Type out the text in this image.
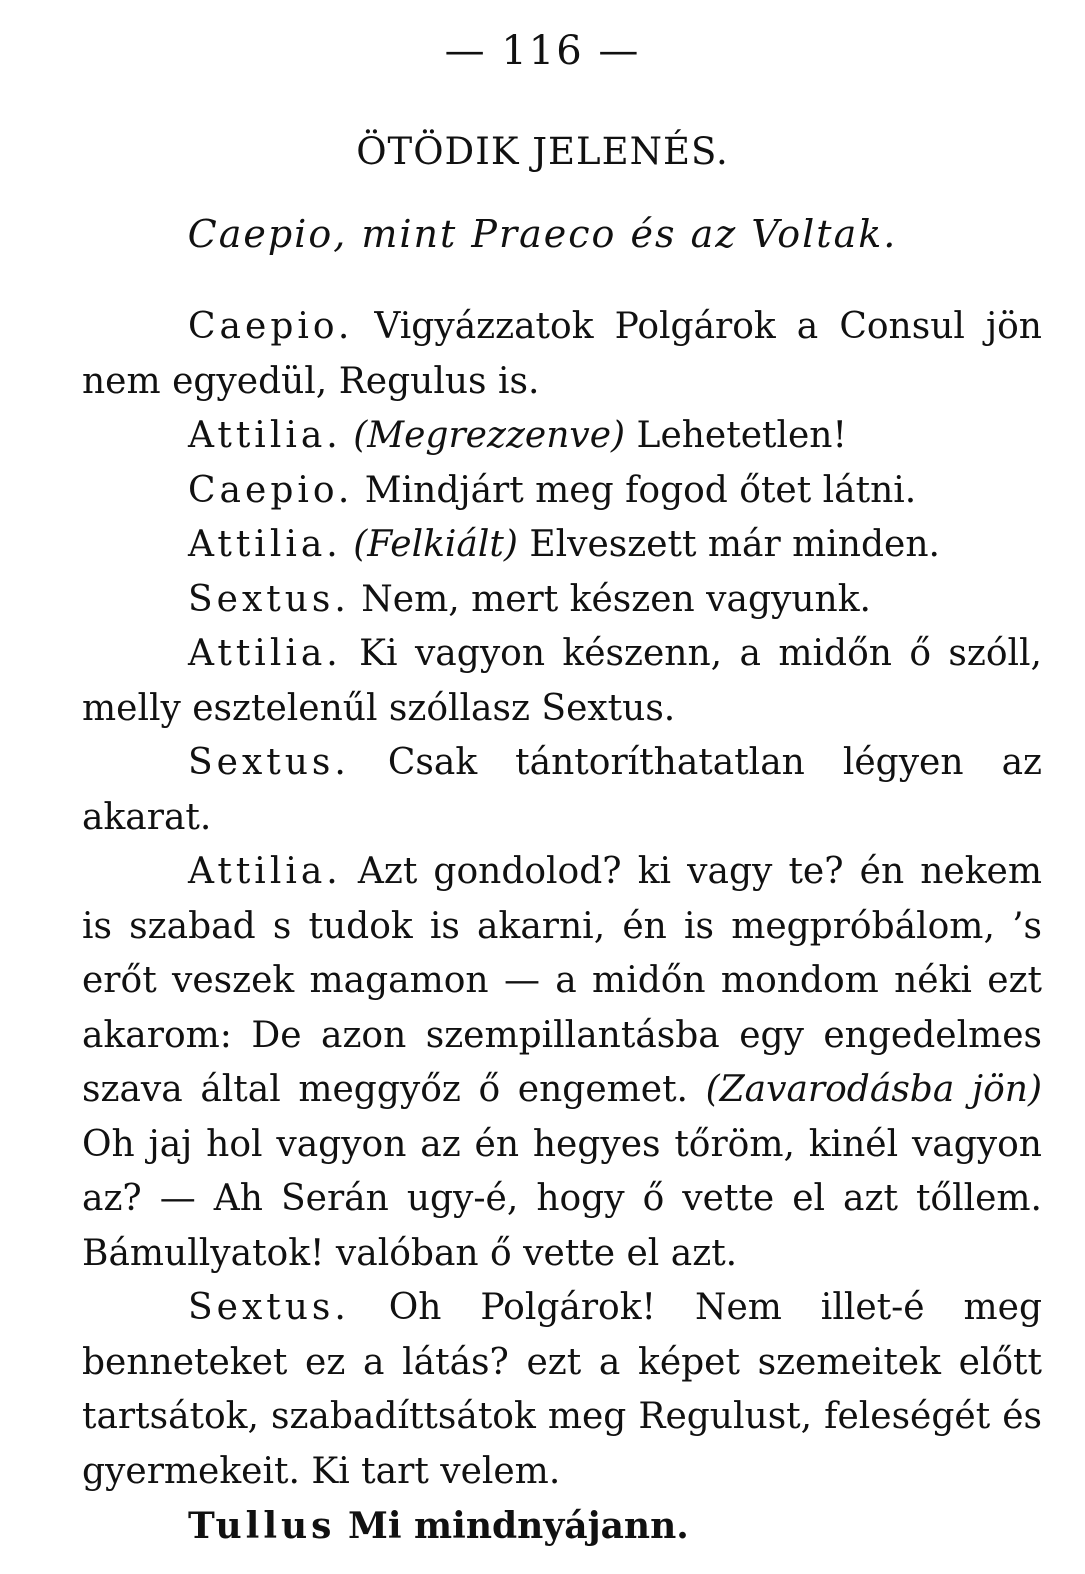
— 116 —
ÖTÖDIK JELENÉS.
Caepio, mint Praeco és az Voltak.

Caepio. Vigyázzatok Polgárok a Consul jön nem egyedül, Regulus is.

Attilia. (Megrezzenve) Lehetetlen!

Caepio. Mindjárt meg fogod őtet látni.

Attilia. (Felkiált) Elveszett már minden.

Sextus. Nem, mert készen vagyunk.

Attilia. Ki vagyon készenn, a midőn ő szóll, melly esztelenűl szóllasz Sextus.

Sextus. Csak tántoríthatatlan légyen az akarat.

Attilia. Azt gondolod? ki vagy te? én nekem is szabad s tudok is akarni, én is megpróbálom, ’s erőt veszek magamon — a midőn mondom néki ezt akarom: De azon szempillantásba egy engedelmes szava által meggyőz ő engemet. (Zavarodásba jön) Oh jaj hol vagyon az én hegyes tőröm, kinél vagyon az? — Ah Serán ugy-é, hogy ő vette el azt tőllem. Bámullyatok! valóban ő vette el azt.

Sextus. Oh Polgárok! Nem illet-é meg benneteket ez a látás? ezt a képet szemeitek előtt tartsátok, szabadíttsátok meg Regulust, feleségét és gyermekeit. Ki tart velem.

Tullus Mi mindnyájann.
